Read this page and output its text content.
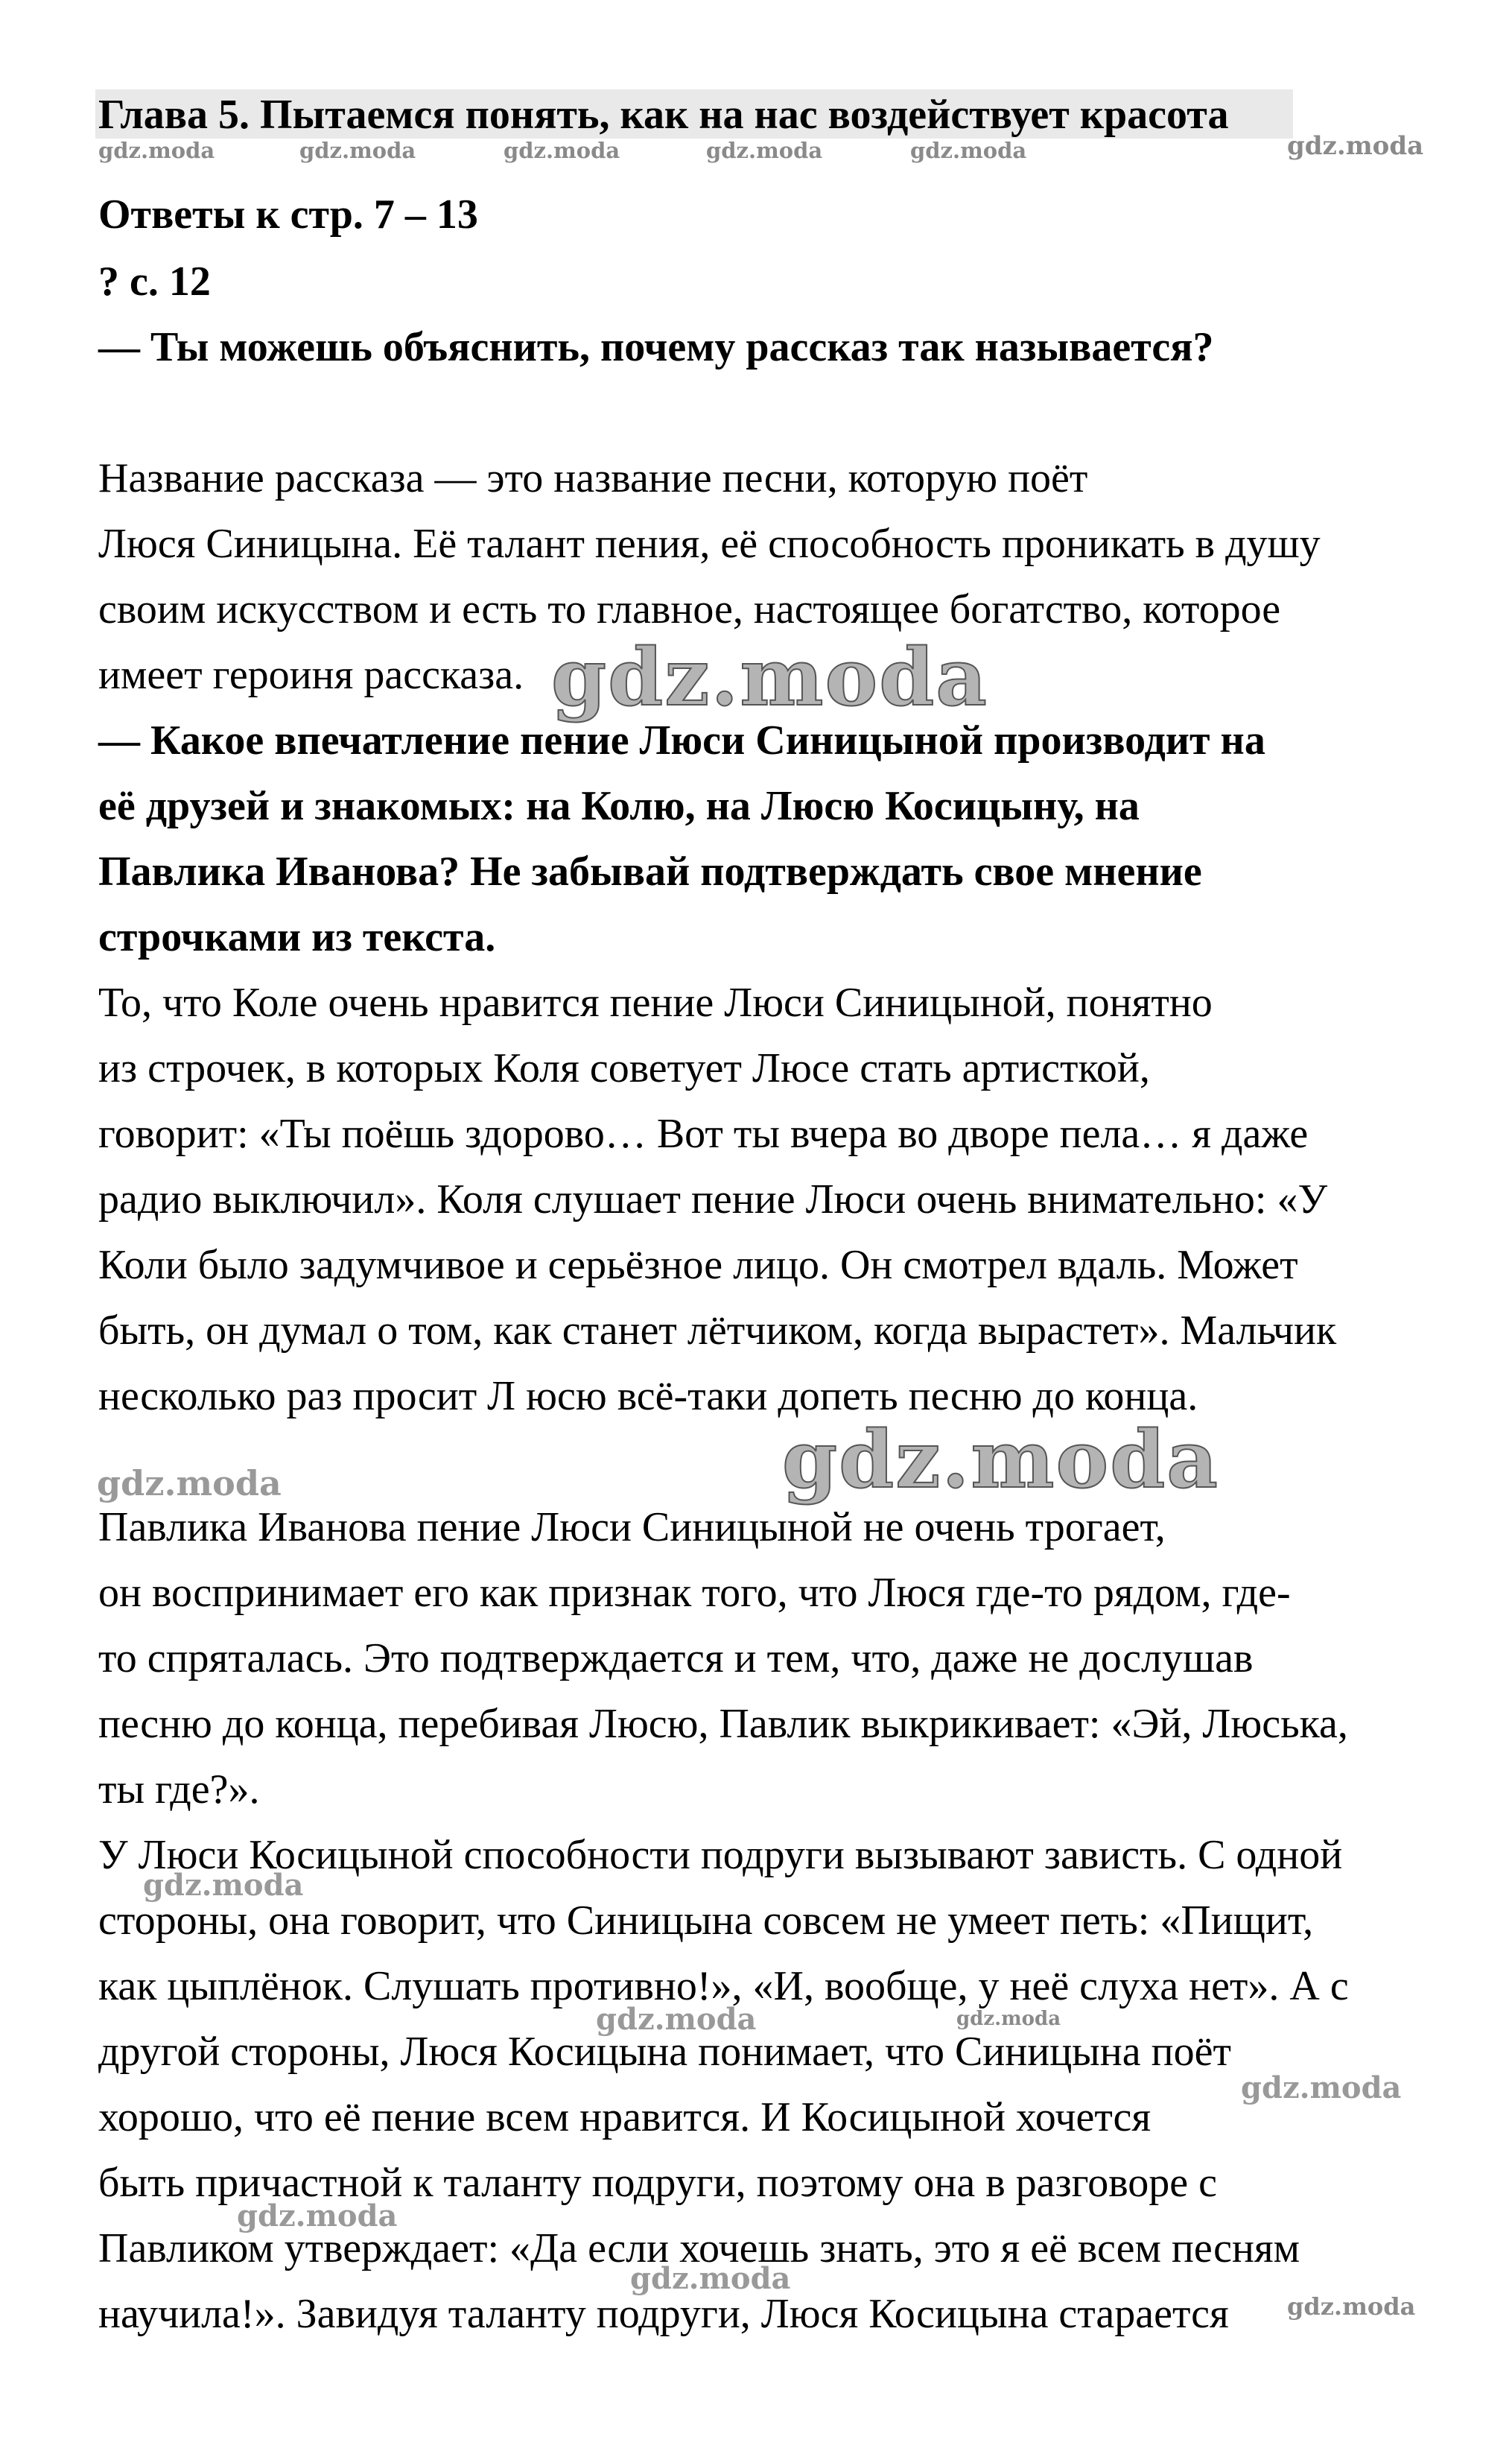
Глава 5. Пытаемся понять, как на нас воздействует красота
gdz.moda	gdz.moda	gdz.moda	gdz.moda	gdz.moda	gdz.moda
Ответы к стр. 7 – 13
? с. 12
— Ты можешь объяснить, почему рассказ так называется?
Название рассказа — это название песни, которую поёт
Люся Синицына. Её талант пения, её способность проникать в душу
своим искусством и есть то главное, настоящее богатство, которое
имеет героиня рассказа. gdz.moda
— Какое впечатление пение Люси Синицыной производит на
её друзей и знакомых: на Колю, на Люсю Косицыну, на
Павлика Иванова? Не забывай подтверждать свое мнение
строчками из текста.
То, что Коле очень нравится пение Люси Синицыной, понятно
из строчек, в которых Коля советует Люсе стать артисткой,
говорит: «Ты поёшь здорово… Вот ты вчера во дворе пела… я даже
радио выключил». Коля слушает пение Люси очень внимательно: «У
Коли было задумчивое и серьёзное лицо. Он смотрел вдаль. Может
быть, он думал о том, как станет лётчиком, когда вырастет». Мальчик
несколько раз просит Л юсю всё-таки допеть песню до конца.
gdz.moda
gdz.moda
Павлика Иванова пение Люси Синицыной не очень трогает,
он воспринимает его как признак того, что Люся где-то рядом, где-
то спряталась. Это подтверждается и тем, что, даже не дослушав
песню до конца, перебивая Люсю, Павлик выкрикивает: «Эй, Люська,
ты где?».
У Люси Косицыной способности подруги вызывают зависть. С одной
gdz.moda
стороны, она говорит, что Синицына совсем не умеет петь: «Пищит,
как цыплёнок. Слушать противно!», «И, вообще, у неё слуха нет». А с
gdz.moda	gdz.moda
другой стороны, Люся Косицына понимает, что Синицына поёт
gdz.moda
хорошо, что её пение всем нравится. И Косицыной хочется
быть причастной к таланту подруги, поэтому она в разговоре с
gdz.moda
Павликом утверждает: «Да если хочешь знать, это я её всем песням
gdz.moda
научила!». Завидуя таланту подруги, Люся Косицына старается gdz.moda
